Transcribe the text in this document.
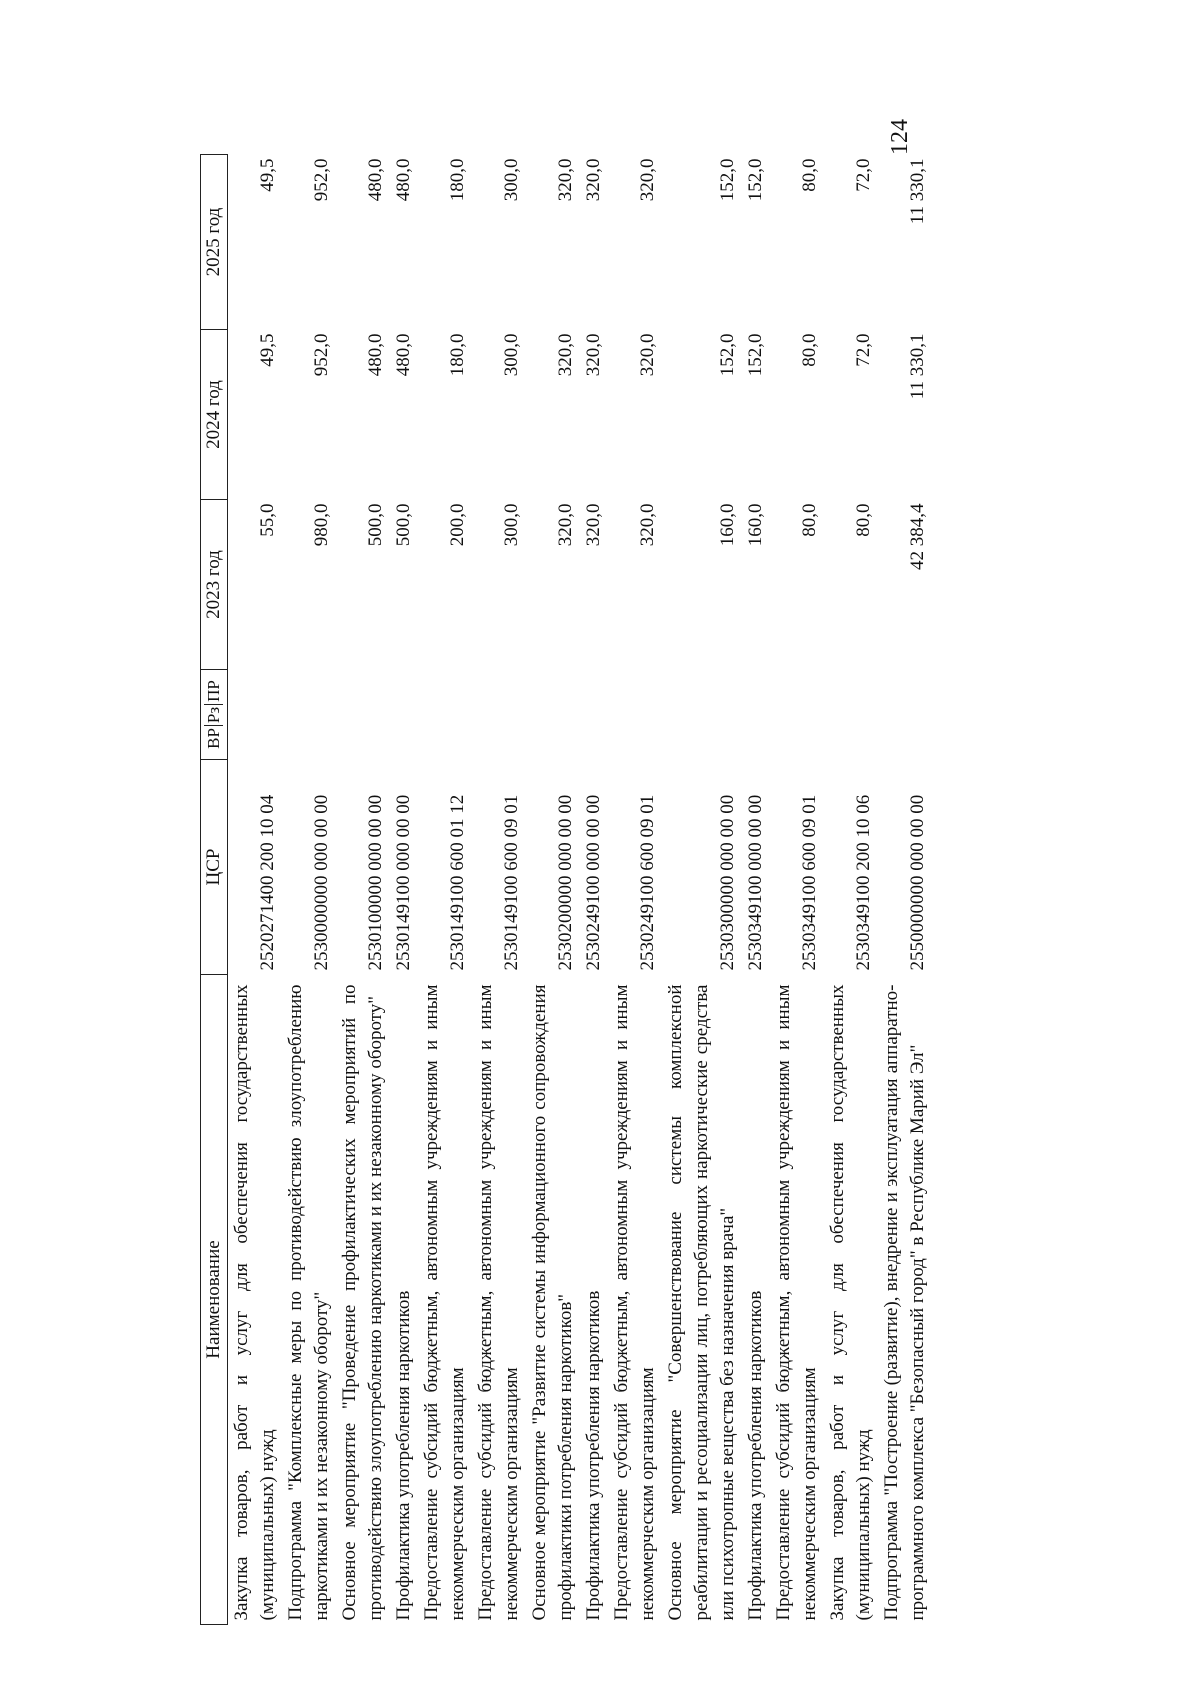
124
Наименование	ЦСР	ВРРзПР	2023 год	2024 год	2025 год
Закупка товаров, работ и услуг для обеспечения государственных (муниципальных) нужд	2520271400 200 10 04		55,0	49,5	49,5
Подпрограмма "Комплексные меры по противодействию злоупотреблению наркотиками и их незаконному обороту"	2530000000 000 00 00		980,0	952,0	952,0
Основное мероприятие "Проведение профилактических мероприятий по противодействию злоупотреблению наркотиками и их незаконному обороту"	2530100000 000 00 00		500,0	480,0	480,0
Профилактика употребления наркотиков	2530149100 000 00 00		500,0	480,0	480,0
Предоставление субсидий бюджетным, автономным учреждениям и иным некоммерческим организациям	2530149100 600 01 12		200,0	180,0	180,0
Предоставление субсидий бюджетным, автономным учреждениям и иным некоммерческим организациям	2530149100 600 09 01		300,0	300,0	300,0
Основное мероприятие "Развитие системы информационного сопровождения профилактики потребления наркотиков"	2530200000 000 00 00		320,0	320,0	320,0
Профилактика употребления наркотиков	2530249100 000 00 00		320,0	320,0	320,0
Предоставление субсидий бюджетным, автономным учреждениям и иным некоммерческим организациям	2530249100 600 09 01		320,0	320,0	320,0
Основное мероприятие "Совершенствование системы комплексной реабилитации и ресоциализации лиц, потребляющих наркотические средства или психотропные вещества без назначения врача"	2530300000 000 00 00		160,0	152,0	152,0
Профилактика употребления наркотиков	2530349100 000 00 00		160,0	152,0	152,0
Предоставление субсидий бюджетным, автономным учреждениям и иным некоммерческим организациям	2530349100 600 09 01		80,0	80,0	80,0
Закупка товаров, работ и услуг для обеспечения государственных (муниципальных) нужд	2530349100 200 10 06		80,0	72,0	72,0
Подпрограмма "Построение (развитие), внедрение и эксплуатация аппаратно-программного комплекса "Безопасный город" в Республике Марий Эл"	2550000000 000 00 00		42 384,4	11 330,1	11 330,1
